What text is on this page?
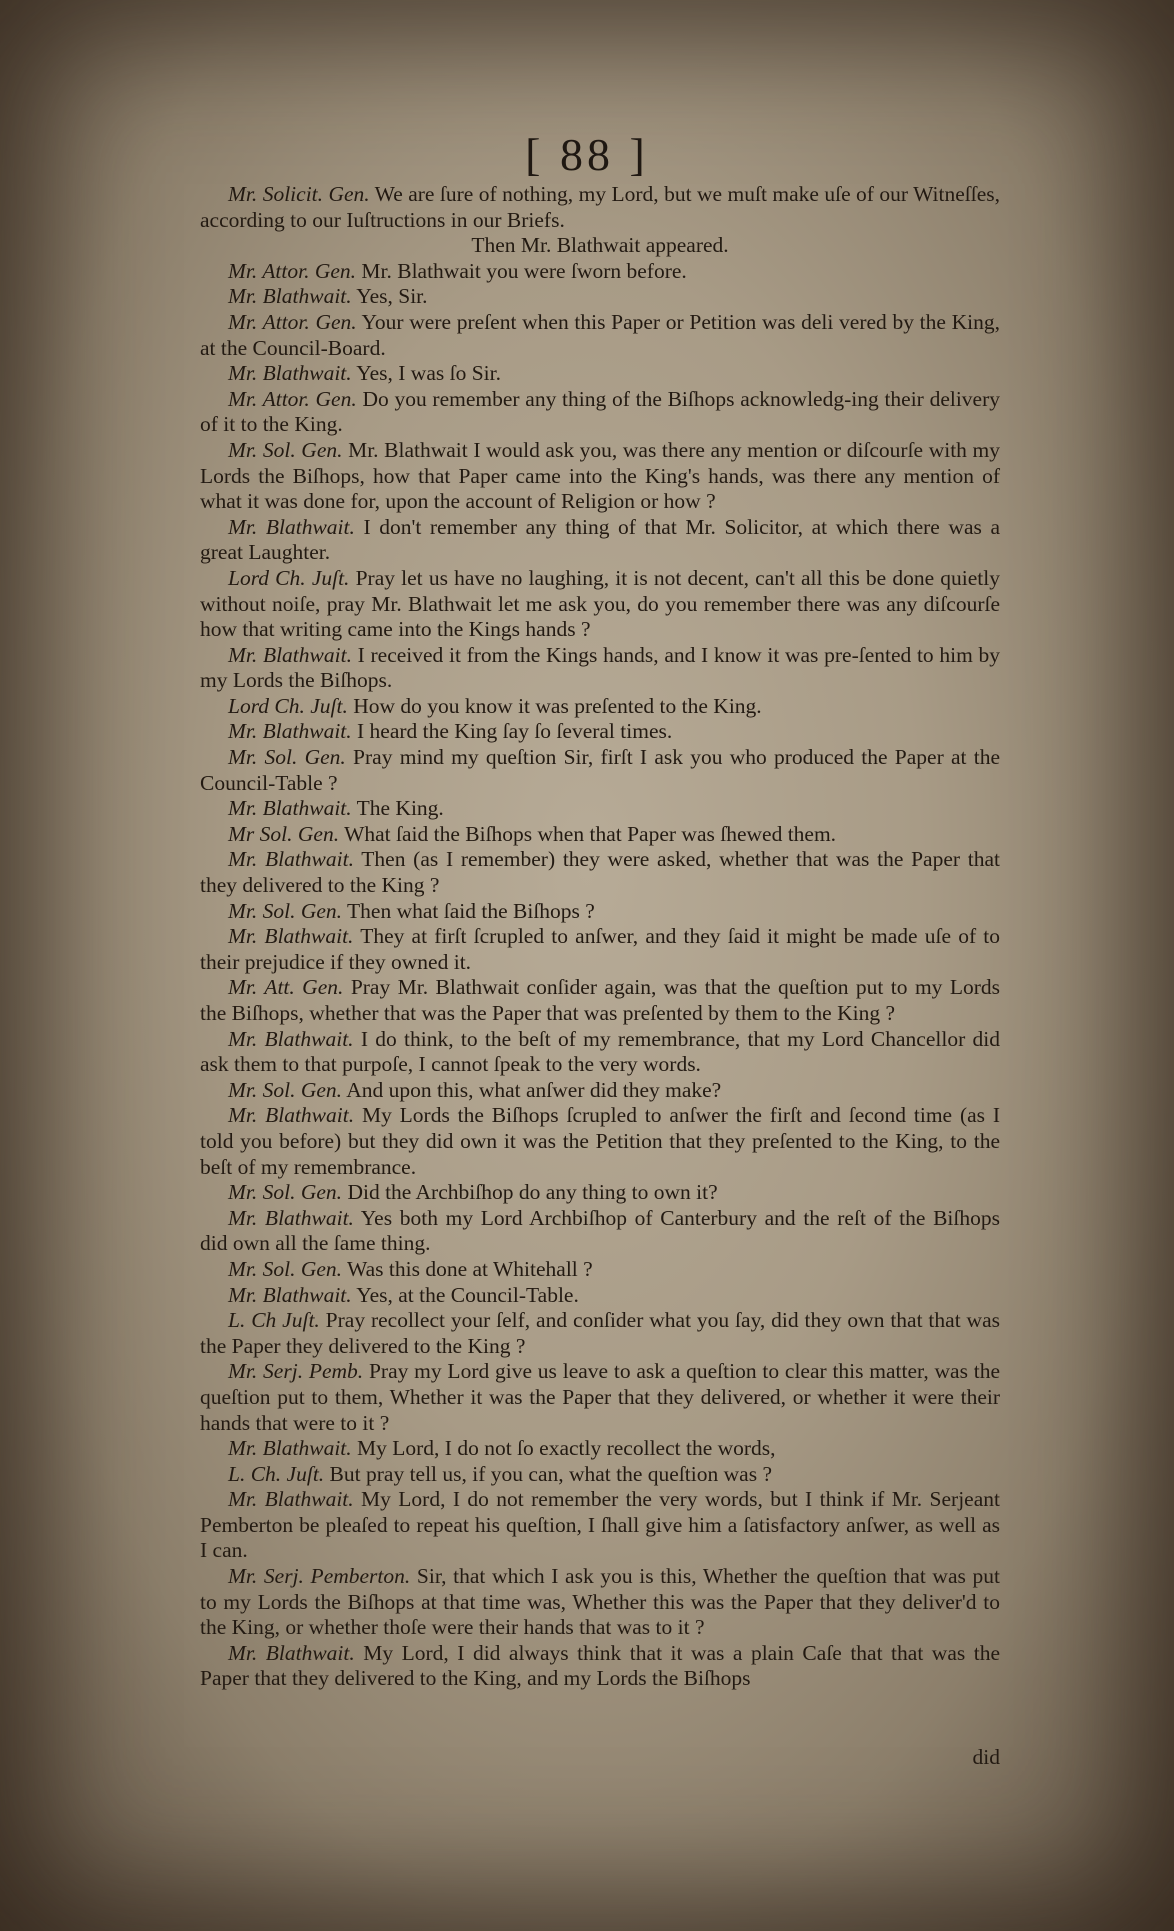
[ 88 ]

Mr. Solicit. Gen. We are ſure of nothing, my Lord, but we muſt make uſe of our Witneſſes, according to our Iuſtructions in our Briefs.

Then Mr. Blathwait appeared.

Mr. Attor. Gen. Mr. Blathwait you were ſworn before.

Mr. Blathwait. Yes, Sir.

Mr. Attor. Gen. Your were preſent when this Paper or Petition was deli vered by the King, at the Council-Board.

Mr. Blathwait. Yes, I was ſo Sir.

Mr. Attor. Gen. Do you remember any thing of the Biſhops acknowledg-ing their delivery of it to the King.

Mr. Sol. Gen. Mr. Blathwait I would ask you, was there any mention or diſcourſe with my Lords the Biſhops, how that Paper came into the King's hands, was there any mention of what it was done for, upon the account of Religion or how ?

Mr. Blathwait. I don't remember any thing of that Mr. Solicitor, at which there was a great Laughter.

Lord Ch. Juſt. Pray let us have no laughing, it is not decent, can't all this be done quietly without noiſe, pray Mr. Blathwait let me ask you, do you remember there was any diſcourſe how that writing came into the Kings hands ?

Mr. Blathwait. I received it from the Kings hands, and I know it was pre-ſented to him by my Lords the Biſhops.

Lord Ch. Juſt. How do you know it was preſented to the King.

Mr. Blathwait. I heard the King ſay ſo ſeveral times.

Mr. Sol. Gen. Pray mind my queſtion Sir, firſt I ask you who produced the Paper at the Council-Table ?

Mr. Blathwait. The King.

Mr Sol. Gen. What ſaid the Biſhops when that Paper was ſhewed them.

Mr. Blathwait. Then (as I remember) they were asked, whether that was the Paper that they delivered to the King ?

Mr. Sol. Gen. Then what ſaid the Biſhops ?

Mr. Blathwait. They at firſt ſcrupled to anſwer, and they ſaid it might be made uſe of to their prejudice if they owned it.

Mr. Att. Gen. Pray Mr. Blathwait conſider again, was that the queſtion put to my Lords the Biſhops, whether that was the Paper that was preſented by them to the King ?

Mr. Blathwait. I do think, to the beſt of my remembrance, that my Lord Chancellor did ask them to that purpoſe, I cannot ſpeak to the very words.

Mr. Sol. Gen. And upon this, what anſwer did they make?

Mr. Blathwait. My Lords the Biſhops ſcrupled to anſwer the firſt and ſecond time (as I told you before) but they did own it was the Petition that they preſented to the King, to the beſt of my remembrance.

Mr. Sol. Gen. Did the Archbiſhop do any thing to own it?

Mr. Blathwait. Yes both my Lord Archbiſhop of Canterbury and the reſt of the Biſhops did own all the ſame thing.

Mr. Sol. Gen. Was this done at Whitehall ?

Mr. Blathwait. Yes, at the Council-Table.

L. Ch Juſt. Pray recollect your ſelf, and conſider what you ſay, did they own that that was the Paper they delivered to the King ?

Mr. Serj. Pemb. Pray my Lord give us leave to ask a queſtion to clear this matter, was the queſtion put to them, Whether it was the Paper that they delivered, or whether it were their hands that were to it ?

Mr. Blathwait. My Lord, I do not ſo exactly recollect the words,

L. Ch. Juſt. But pray tell us, if you can, what the queſtion was ?

Mr. Blathwait. My Lord, I do not remember the very words, but I think if Mr. Serjeant Pemberton be pleaſed to repeat his queſtion, I ſhall give him a ſatisfactory anſwer, as well as I can.

Mr. Serj. Pemberton. Sir, that which I ask you is this, Whether the queſtion that was put to my Lords the Biſhops at that time was, Whether this was the Paper that they deliver'd to the King, or whether thoſe were their hands that was to it ?

Mr. Blathwait. My Lord, I did always think that it was a plain Caſe that that was the Paper that they delivered to the King, and my Lords the Biſhops

did
